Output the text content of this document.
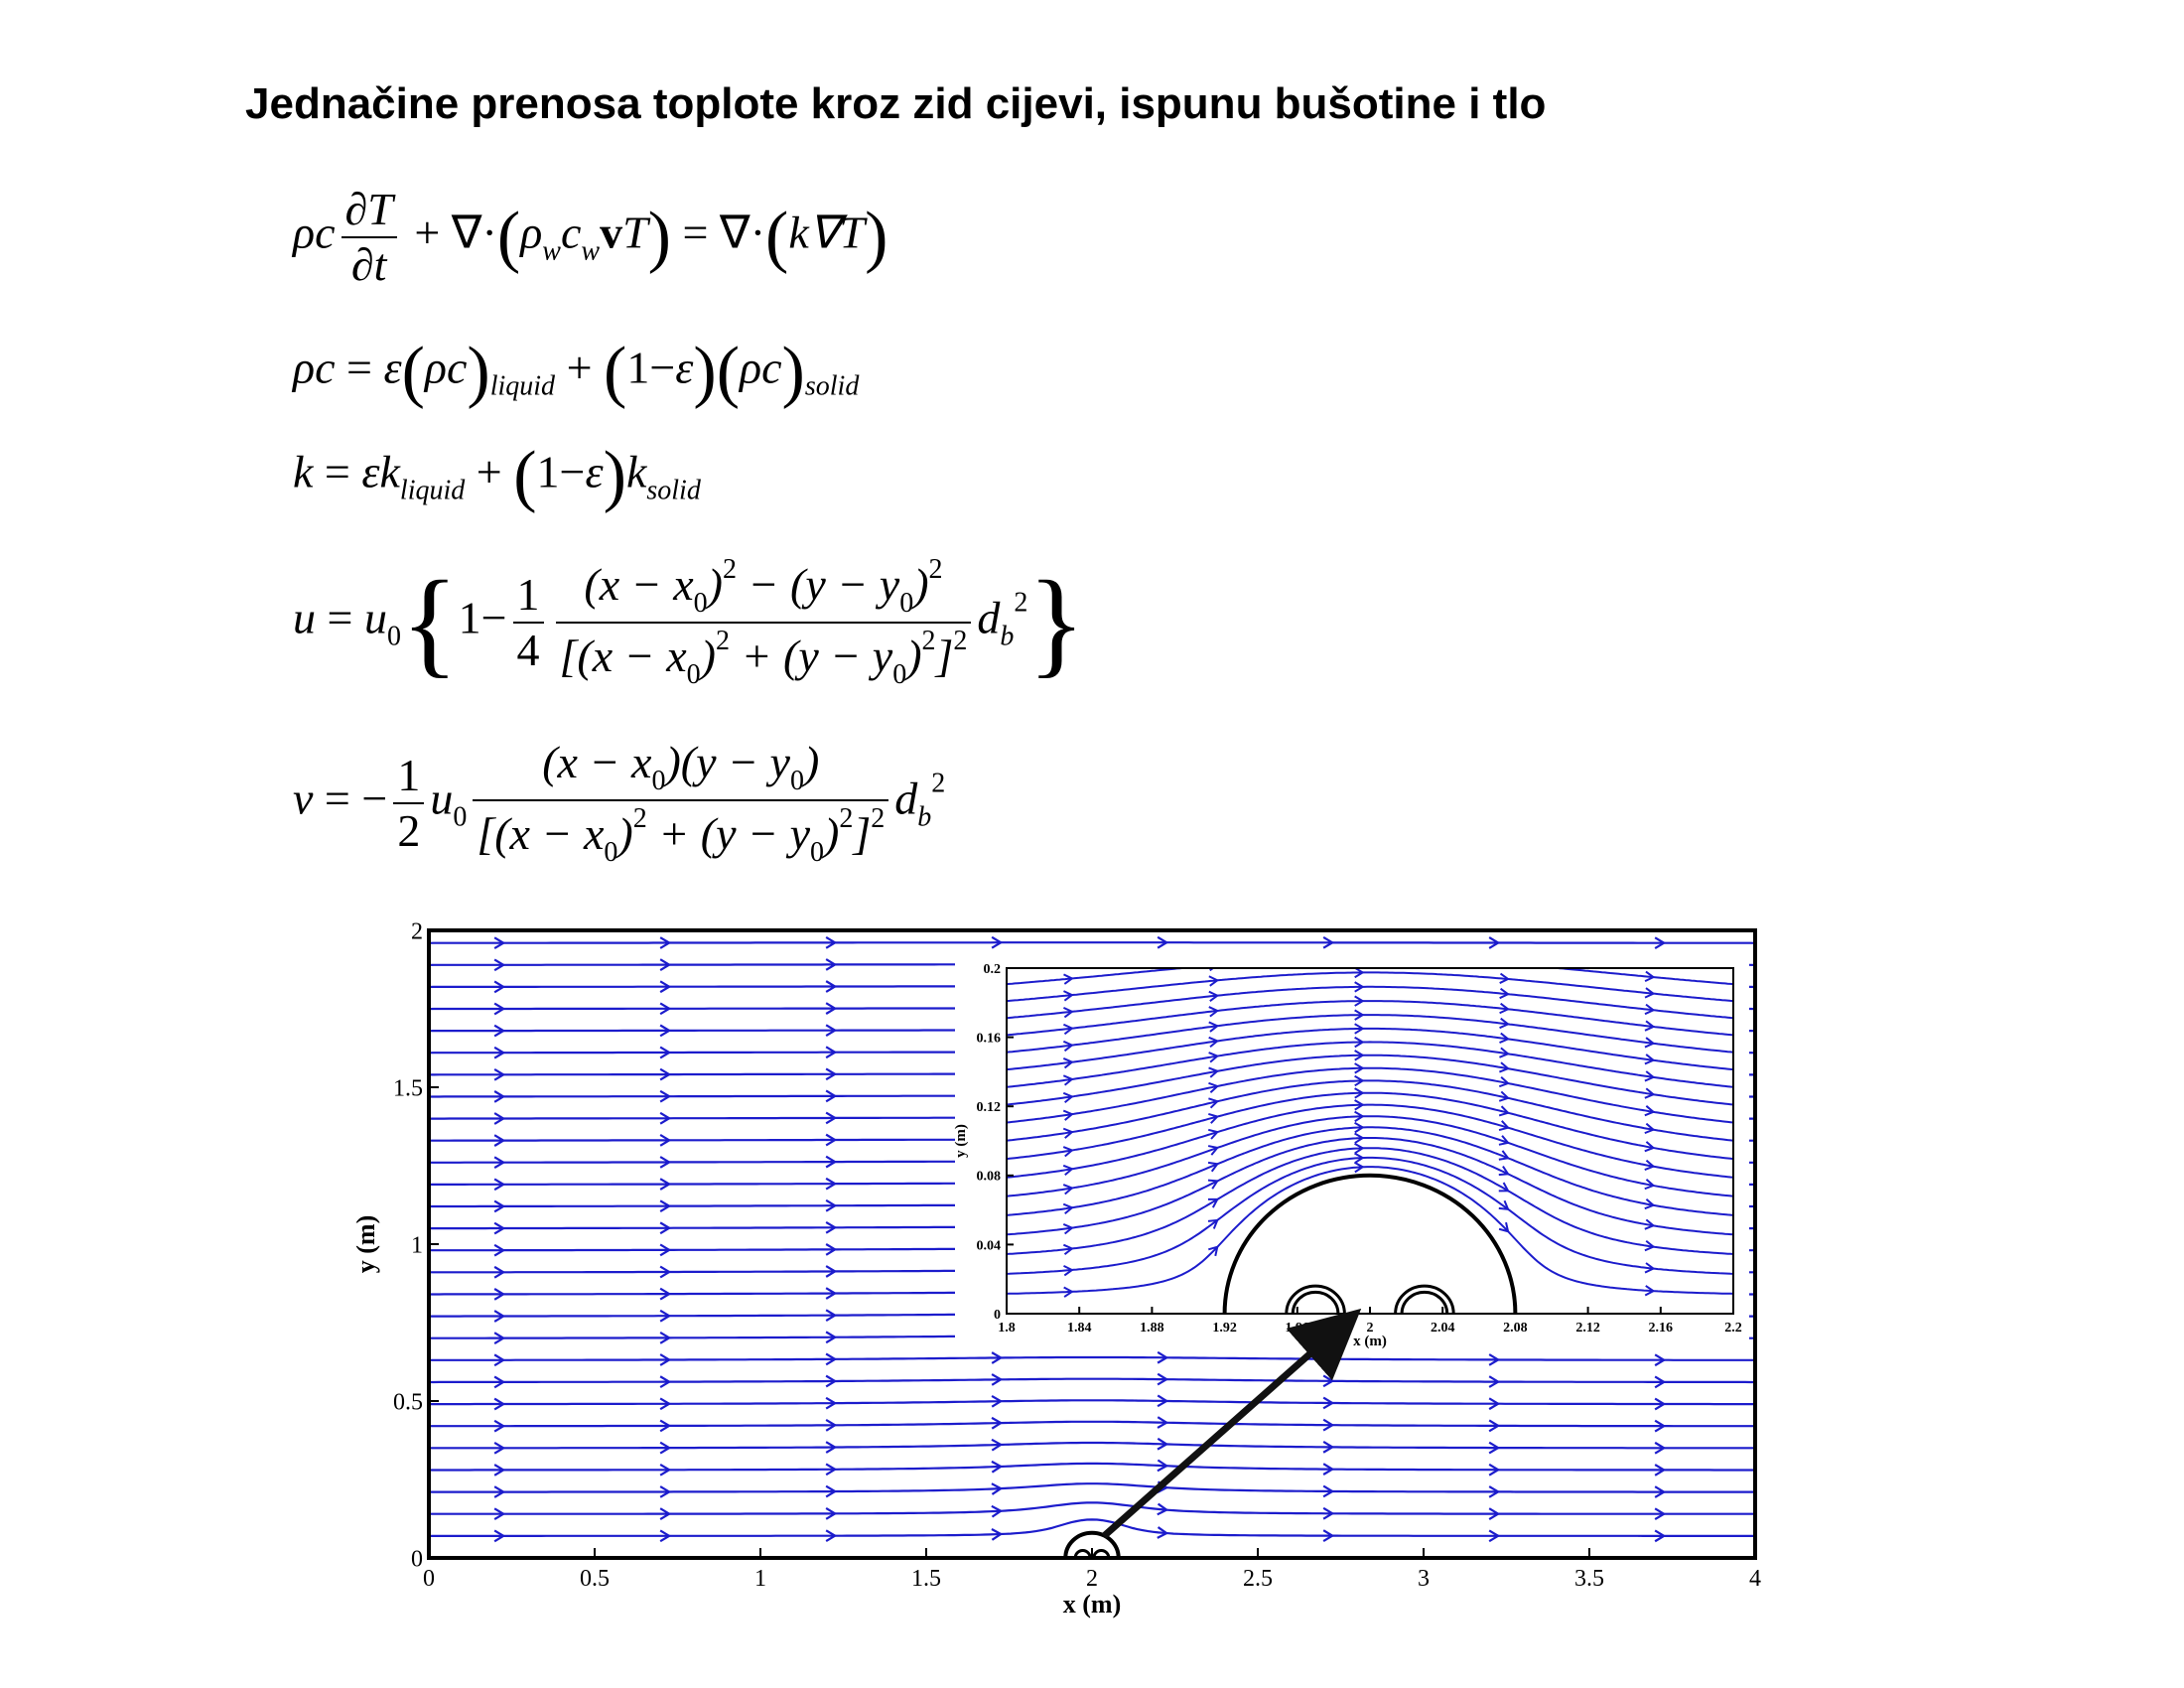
Jednačine prenosa toplote kroz zid cijevi, ispunu bušotine i tlo
ρc $\frac{\partial T}{\partial t} + \nabla\cdot(\rho_wc_wvT) = \nabla\cdot(k\nabla T)$
$\rho c = \varepsilon(\rho c)_{liquid} + (1-\varepsilon)(\rho c)_{solid}$
$k = \varepsilon k_{liquid} + (1-\varepsilon)k_{solid}$
$u = u_0\{1- \frac{1}{4} \frac{(x - x_0)^2 - (y - y_0)^2}{[(x - x_0)^2 + (y - y_0)^2]^2} d_b^2\}$
v = − $\frac{1}{2} u_0 \frac{(x - x_0)(y - y_0)}{[(x - x_0)^2 + (y - y_0)^2]^2} d_b^2$
0	0.5	1	1.5	2	2.5	3	3.5	4
0
0.5
1
1.5
2
x (m)
y (m)
1.8	1.84	1.88	1.92	1.96	2	2.04	2.08	2.12	2.16	2.2
0
0.04
0.08
0.12
0.16
0.2
x (m)
y (m)
